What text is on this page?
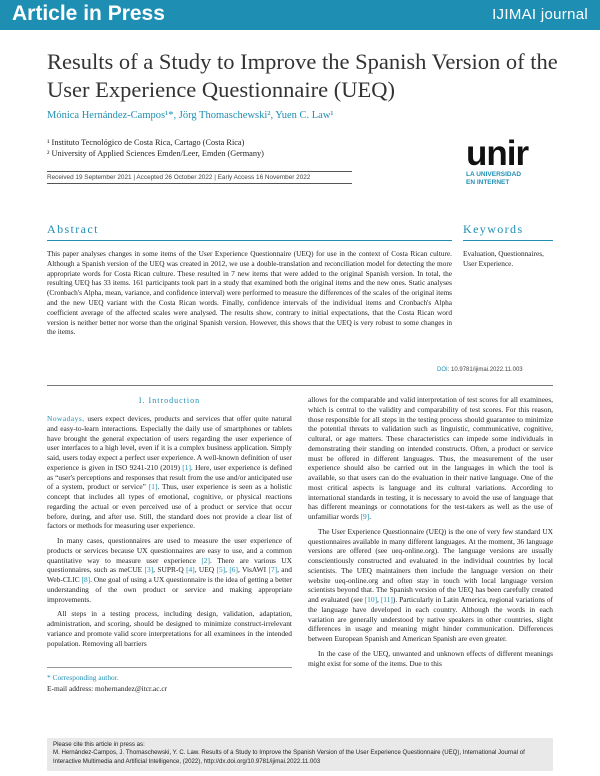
Article in Press	IJIMAI journal
Results of a Study to Improve the Spanish Version of the User Experience Questionnaire (UEQ)
Mónica Hernández-Campos¹*, Jörg Thomaschewski², Yuen C. Law¹
¹ Instituto Tecnológico de Costa Rica, Cartago (Costa Rica)
² University of Applied Sciences Emden/Leer, Emden (Germany)
Received 19 September 2021 | Accepted 26 October 2022 | Early Access 16 November 2022
unir
LA UNIVERSIDAD
EN INTERNET
Abstract	Keywords
This paper analyses changes in some items of the User Experience Questionnaire (UEQ) for use in the context of Costa Rican culture. Although a Spanish version of the UEQ was created in 2012, we use a double-translation and reconciliation model for detecting the more appropriate words for Costa Rican culture. These resulted in 7 new items that were added to the original Spanish version. In total, the resulting UEQ has 33 items. 161 participants took part in a study that examined both the original items and the new ones. Static analyses (Cronbach's Alpha, mean, variance, and confidence interval) were performed to measure the differences of the scales of the original items and the new UEQ variant with the Costa Rican words. Finally, confidence intervals of the individual items and Cronbach's Alpha coefficient average of the affected scales were analysed. The results show, contrary to initial expectations, that the Costa Rican word version is neither better nor worse than the original Spanish version. However, this shows that the UEQ is very robust to some changes in the items.
Evaluation, Questionnaires, User Experience.
DOI: 10.9781/ijimai.2022.11.003
I. Introduction

Nowadays, users expect devices, products and services that offer quite natural and easy-to-learn interactions. Especially the daily use of smartphones or tablets have brought the general expectation of users regarding the user experience of user interfaces to a high level, even if it is a complex business application. Simply said, users today expect a perfect user experience. A well-known definition of user experience is given in ISO 9241-210 (2019) [1]. Here, user experience is defined as “user's perceptions and responses that result from the use and/or anticipated use of a system, product or service” [1]. Thus, user experience is seen as a holistic concept that includes all types of emotional, cognitive, or physical reactions regarding the actual or even perceived use of a product or service that occur before, during, and after use. Still, the standard does not provide a clear list of factors or methods for measuring user experience.

In many cases, questionnaires are used to measure the user experience of products or services because UX questionnaires are easy to use, and a common quantitative way to measure user experience [2]. There are various UX questionnaires, such as meCUE [3], SUPR-Q [4], UEQ [5], [6], VisAWI [7], and Web-CLIC [8]. One goal of using a UX questionnaire is the idea of getting a better understanding of the own product or service and making appropriate improvements.

All steps in a testing process, including design, validation, adaptation, administration, and scoring, should be designed to minimize construct-irrelevant variance and promote valid score interpretations for all examinees in the intended population. Removing all barriers

* Corresponding author.
E-mail address: mohernandez@itcr.ac.cr

allows for the comparable and valid interpretation of test scores for all examinees, which is central to the validity and comparability of test scores. For this reason, those responsible for all steps in the testing process should guarantee to minimize the potential threats to validation such as linguistic, communicative, cognitive, cultural, or age matters. These characteristics can impede some individuals in demonstrating their standing on intended constructs. Often, a product or service must be offered in different languages. Thus, the measurement of the user experience should also be carried out in the languages in which the tool is available, so that users can do the evaluation in their native language. One of the most critical aspects is language and its cultural variations. According to international standards in testing, it is necessary to avoid the use of language that has different meanings or connotations for the test-takers as well as the use of unfamiliar words [9].

The User Experience Questionnaire (UEQ) is the one of very few standard UX questionnaires available in many different languages. At the moment, 36 language versions are offered (see ueq-online.org). The language versions are usually conscientiously constructed and evaluated in the individual countries by local scientists. The UEQ maintainers then include the language version on their website ueq-online.org and often stay in touch with local language version scientists beyond that. The Spanish version of the UEQ has been carefully created and evaluated (see [10], [11]). Particularly in Latin America, regional variations of the language have developed in each country. Although the words in each variation are generally understood by native speakers in other countries, slight differences in usage and meaning might hinder communication. Differences between European Spanish and American Spanish are even greater.

In the case of the UEQ, unwanted and unknown effects of different meanings might exist for some of the items. Due to this

Please cite this article in press as:
M. Hernández-Campos, J. Thomaschewski, Y. C. Law. Results of a Study to Improve the Spanish Version of the User Experience Questionnaire (UEQ), International Journal of Interactive Multimedia and Artificial Intelligence, (2022), http://dx.doi.org/10.9781/ijimai.2022.11.003
